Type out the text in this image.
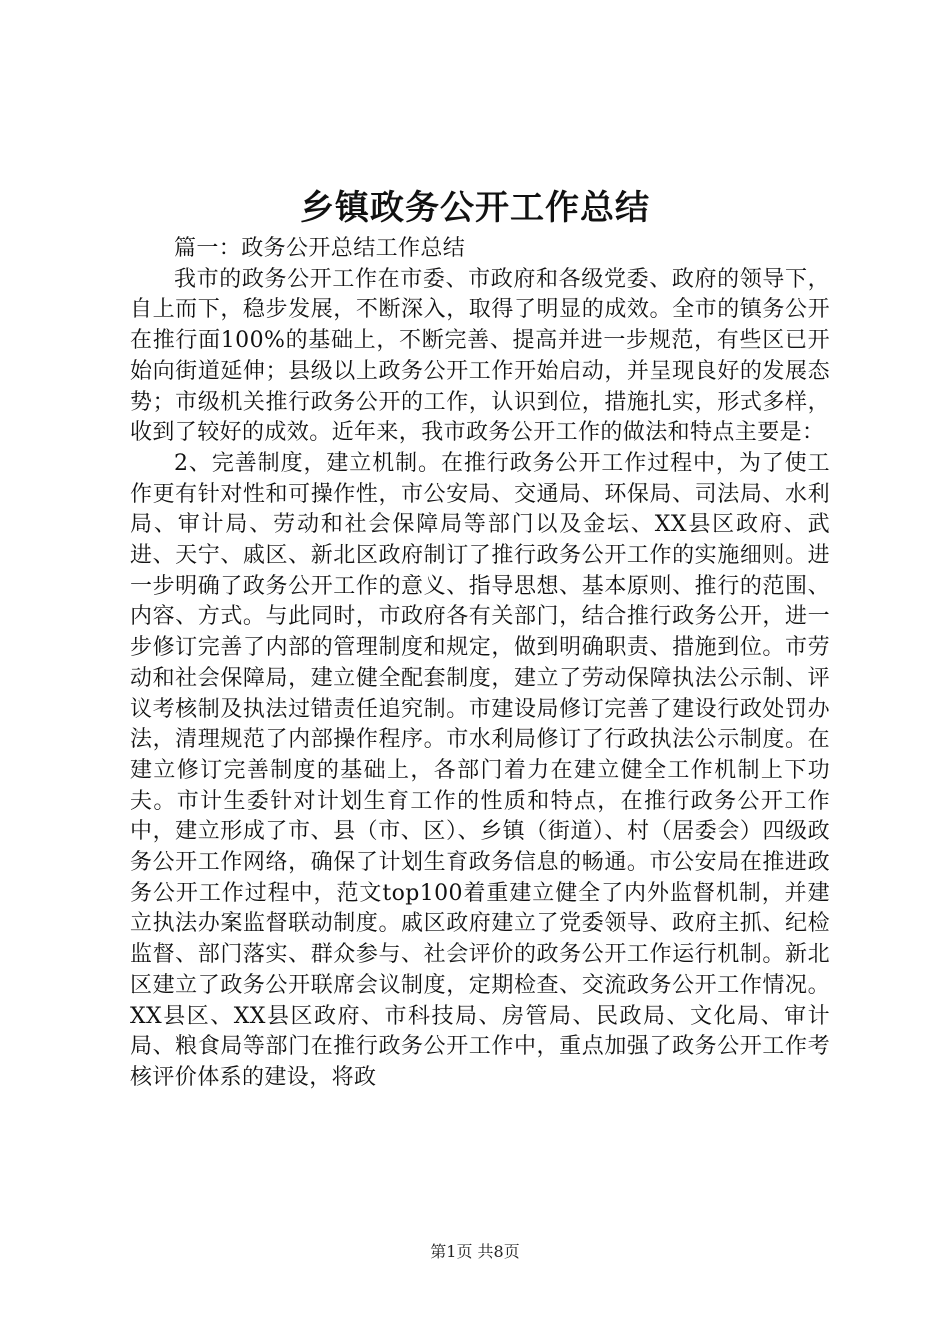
乡镇政务公开工作总结

篇一：政务公开总结工作总结

我市的政务公开工作在市委、市政府和各级党委、政府的领导下，自上而下，稳步发展，不断深入，取得了明显的成效。全市的镇务公开在推行面100%的基础上，不断完善、提高并进一步规范，有些区已开始向街道延伸；县级以上政务公开工作开始启动，并呈现良好的发展态势；市级机关推行政务公开的工作，认识到位，措施扎实，形式多样，收到了较好的成效。近年来，我市政务公开工作的做法和特点主要是：

2、完善制度，建立机制。在推行政务公开工作过程中，为了使工作更有针对性和可操作性，市公安局、交通局、环保局、司法局、水利局、审计局、劳动和社会保障局等部门以及金坛、XX县区政府、武进、天宁、戚区、新北区政府制订了推行政务公开工作的实施细则。进一步明确了政务公开工作的意义、指导思想、基本原则、推行的范围、内容、方式。与此同时，市政府各有关部门，结合推行政务公开，进一步修订完善了内部的管理制度和规定，做到明确职责、措施到位。市劳动和社会保障局，建立健全配套制度，建立了劳动保障执法公示制、评议考核制及执法过错责任追究制。市建设局修订完善了建设行政处罚办法，清理规范了内部操作程序。市水利局修订了行政执法公示制度。在建立修订完善制度的基础上，各部门着力在建立健全工作机制上下功夫。市计生委针对计划生育工作的性质和特点，在推行政务公开工作中，建立形成了市、县（市、区）、乡镇（街道）、村（居委会）四级政务公开工作网络，确保了计划生育政务信息的畅通。市公安局在推进政务公开工作过程中，范文top100着重建立健全了内外监督机制，并建立执法办案监督联动制度。戚区政府建立了党委领导、政府主抓、纪检监督、部门落实、群众参与、社会评价的政务公开工作运行机制。新北区建立了政务公开联席会议制度，定期检查、交流政务公开工作情况。XX县区、XX县区政府、市科技局、房管局、民政局、文化局、审计局、粮食局等部门在推行政务公开工作中，重点加强了政务公开工作考核评价体系的建设，将政

第1页 共8页
